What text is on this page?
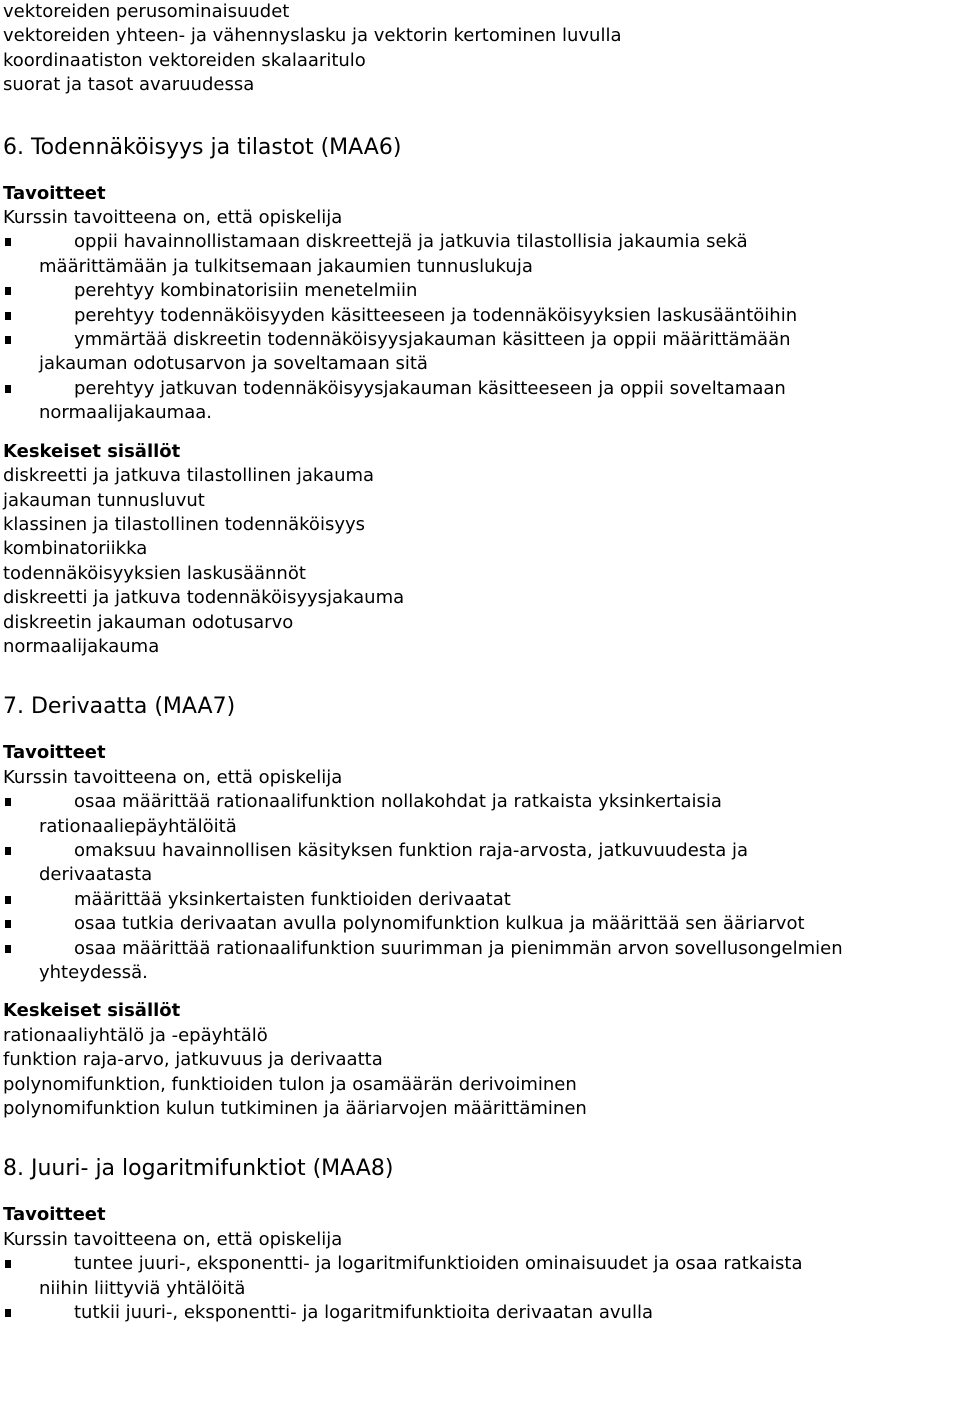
vektoreiden perusominaisuudet
vektoreiden yhteen- ja vähennyslasku ja vektorin kertominen luvulla
koordinaatiston vektoreiden skalaaritulo
suorat ja tasot avaruudessa
6. Todennäköisyys ja tilastot (MAA6)
Tavoitteet
Kurssin tavoitteena on, että opiskelija
oppii havainnollistamaan diskreettejä ja jatkuvia tilastollisia jakaumia sekä
määrittämään ja tulkitsemaan jakaumien tunnuslukuja
perehtyy kombinatorisiin menetelmiin
perehtyy todennäköisyyden käsitteeseen ja todennäköisyyksien laskusääntöihin
ymmärtää diskreetin todennäköisyysjakauman käsitteen ja oppii määrittämään
jakauman odotusarvon ja soveltamaan sitä
perehtyy jatkuvan todennäköisyysjakauman käsitteeseen ja oppii soveltamaan
normaalijakaumaa.
Keskeiset sisällöt
diskreetti ja jatkuva tilastollinen jakauma
jakauman tunnusluvut
klassinen ja tilastollinen todennäköisyys
kombinatoriikka
todennäköisyyksien laskusäännöt
diskreetti ja jatkuva todennäköisyysjakauma
diskreetin jakauman odotusarvo
normaalijakauma
7. Derivaatta (MAA7)
Tavoitteet
Kurssin tavoitteena on, että opiskelija
osaa määrittää rationaalifunktion nollakohdat ja ratkaista yksinkertaisia
rationaaliepäyhtälöitä
omaksuu havainnollisen käsityksen funktion raja-arvosta, jatkuvuudesta ja
derivaatasta
määrittää yksinkertaisten funktioiden derivaatat
osaa tutkia derivaatan avulla polynomifunktion kulkua ja määrittää sen ääriarvot
osaa määrittää rationaalifunktion suurimman ja pienimmän arvon sovellusongelmien
yhteydessä.
Keskeiset sisällöt
rationaaliyhtälö ja -epäyhtälö
funktion raja-arvo, jatkuvuus ja derivaatta
polynomifunktion, funktioiden tulon ja osamäärän derivoiminen
polynomifunktion kulun tutkiminen ja ääriarvojen määrittäminen
8. Juuri- ja logaritmifunktiot (MAA8)
Tavoitteet
Kurssin tavoitteena on, että opiskelija
tuntee juuri-, eksponentti- ja logaritmifunktioiden ominaisuudet ja osaa ratkaista
niihin liittyviä yhtälöitä
tutkii juuri-, eksponentti- ja logaritmifunktioita derivaatan avulla
